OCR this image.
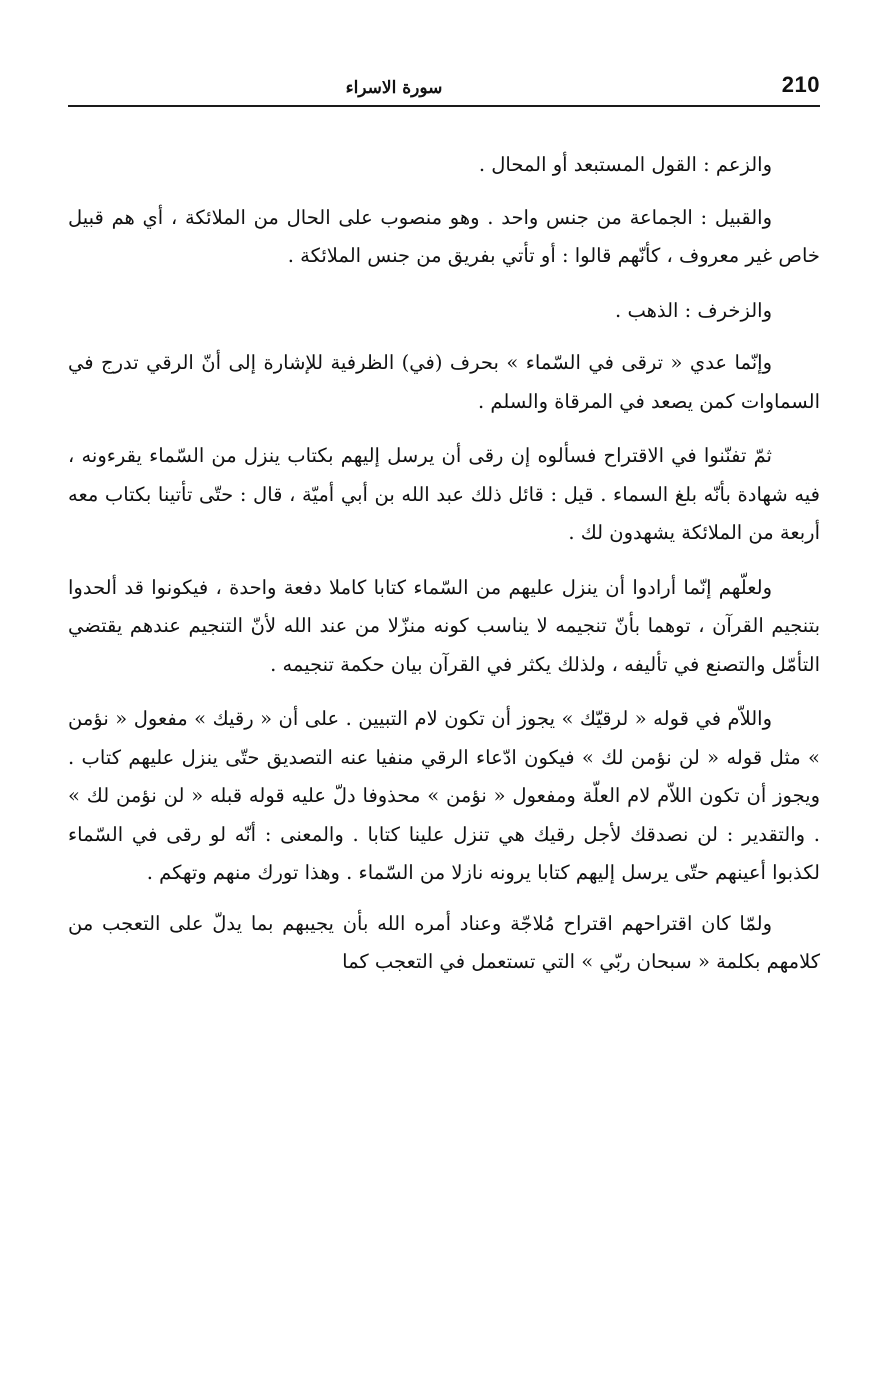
210
سورة الاسراء

والزعم : القول المستبعد أو المحال .

والقبيل : الجماعة من جنس واحد . وهو منصوب على الحال من الملائكة ، أي هم قبيل خاص غير معروف ، كأنّهم قالوا : أو تأتي بفريق من جنس الملائكة .

والزخرف : الذهب .

وإنّما عدي « ترقى في السّماء » بحرف (في) الظرفية للإشارة إلى أنّ الرقي تدرج في السماوات كمن يصعد في المرقاة والسلم .

ثمّ تفنّنوا في الاقتراح فسألوه إن رقى أن يرسل إليهم بكتاب ينزل من السّماء يقرءونه ، فيه شهادة بأنّه بلغ السماء . قيل : قائل ذلك عبد الله بن أبي أميّة ، قال : حتّى تأتينا بكتاب معه أربعة من الملائكة يشهدون لك .

ولعلّهم إنّما أرادوا أن ينزل عليهم من السّماء كتابا كاملا دفعة واحدة ، فيكونوا قد ألحدوا بتنجيم القرآن ، توهما بأنّ تنجيمه لا يناسب كونه منزّلا من عند الله لأنّ التنجيم عندهم يقتضي التأمّل والتصنع في تأليفه ، ولذلك يكثر في القرآن بيان حكمة تنجيمه .

واللاّم في قوله « لرقيّك » يجوز أن تكون لام التبيين . على أن « رقيك » مفعول « نؤمن » مثل قوله « لن نؤمن لك » فيكون ادّعاء الرقي منفيا عنه التصديق حتّى ينزل عليهم كتاب . ويجوز أن تكون اللاّم لام العلّة ومفعول « نؤمن » محذوفا دلّ عليه قوله قبله « لن نؤمن لك » . والتقدير : لن نصدقك لأجل رقيك هي تنزل علينا كتابا . والمعنى : أنّه لو رقى في السّماء لكذبوا أعينهم حتّى يرسل إليهم كتابا يرونه نازلا من السّماء . وهذا تورك منهم وتهكم .

ولمّا كان اقتراحهم اقتراح مُلاجّة وعناد أمره الله بأن يجيبهم بما يدلّ على التعجب من كلامهم بكلمة « سبحان ربّي » التي تستعمل في التعجب كما
